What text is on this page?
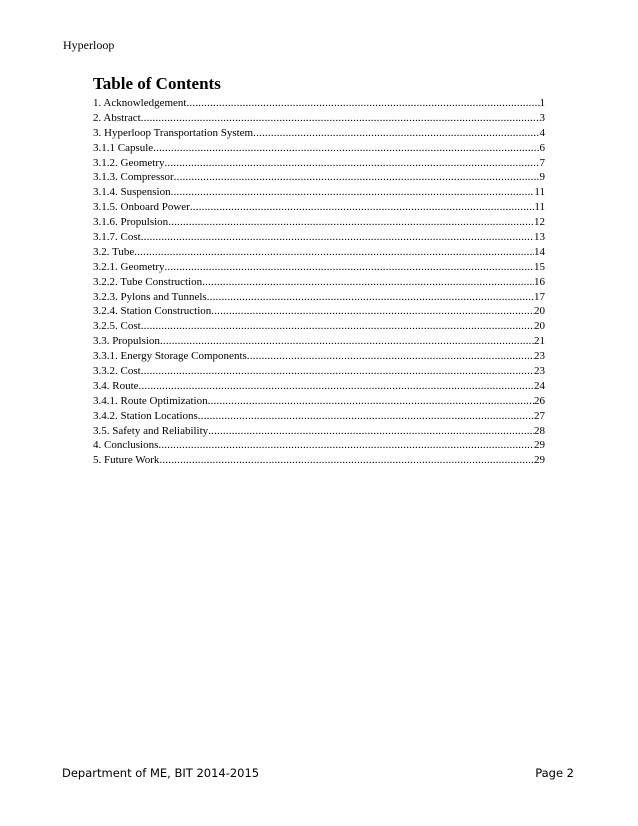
Hyperloop
Table of Contents
1. Acknowledgement .....	1
2. Abstract .....	3
3. Hyperloop Transportation System .....	4
3.1.1 Capsule .....	6
3.1.2. Geometry .....	7
3.1.3. Compressor .....	9
3.1.4. Suspension .....	11
3.1.5. Onboard Power .....	11
3.1.6. Propulsion .....	12
3.1.7. Cost .....	13
3.2. Tube .....	14
3.2.1. Geometry .....	15
3.2.2. Tube Construction .....	16
3.2.3. Pylons and Tunnels .....	17
3.2.4. Station Construction .....	20
3.2.5. Cost .....	20
3.3. Propulsion .....	21
3.3.1. Energy Storage Components .....	23
3.3.2. Cost .....	23
3.4. Route .....	24
3.4.1. Route Optimization .....	26
3.4.2. Station Locations .....	27
3.5. Safety and Reliability .....	28
4. Conclusions .....	29
5. Future Work .....	29
Department of ME, BIT 2014-2015	Page 2
